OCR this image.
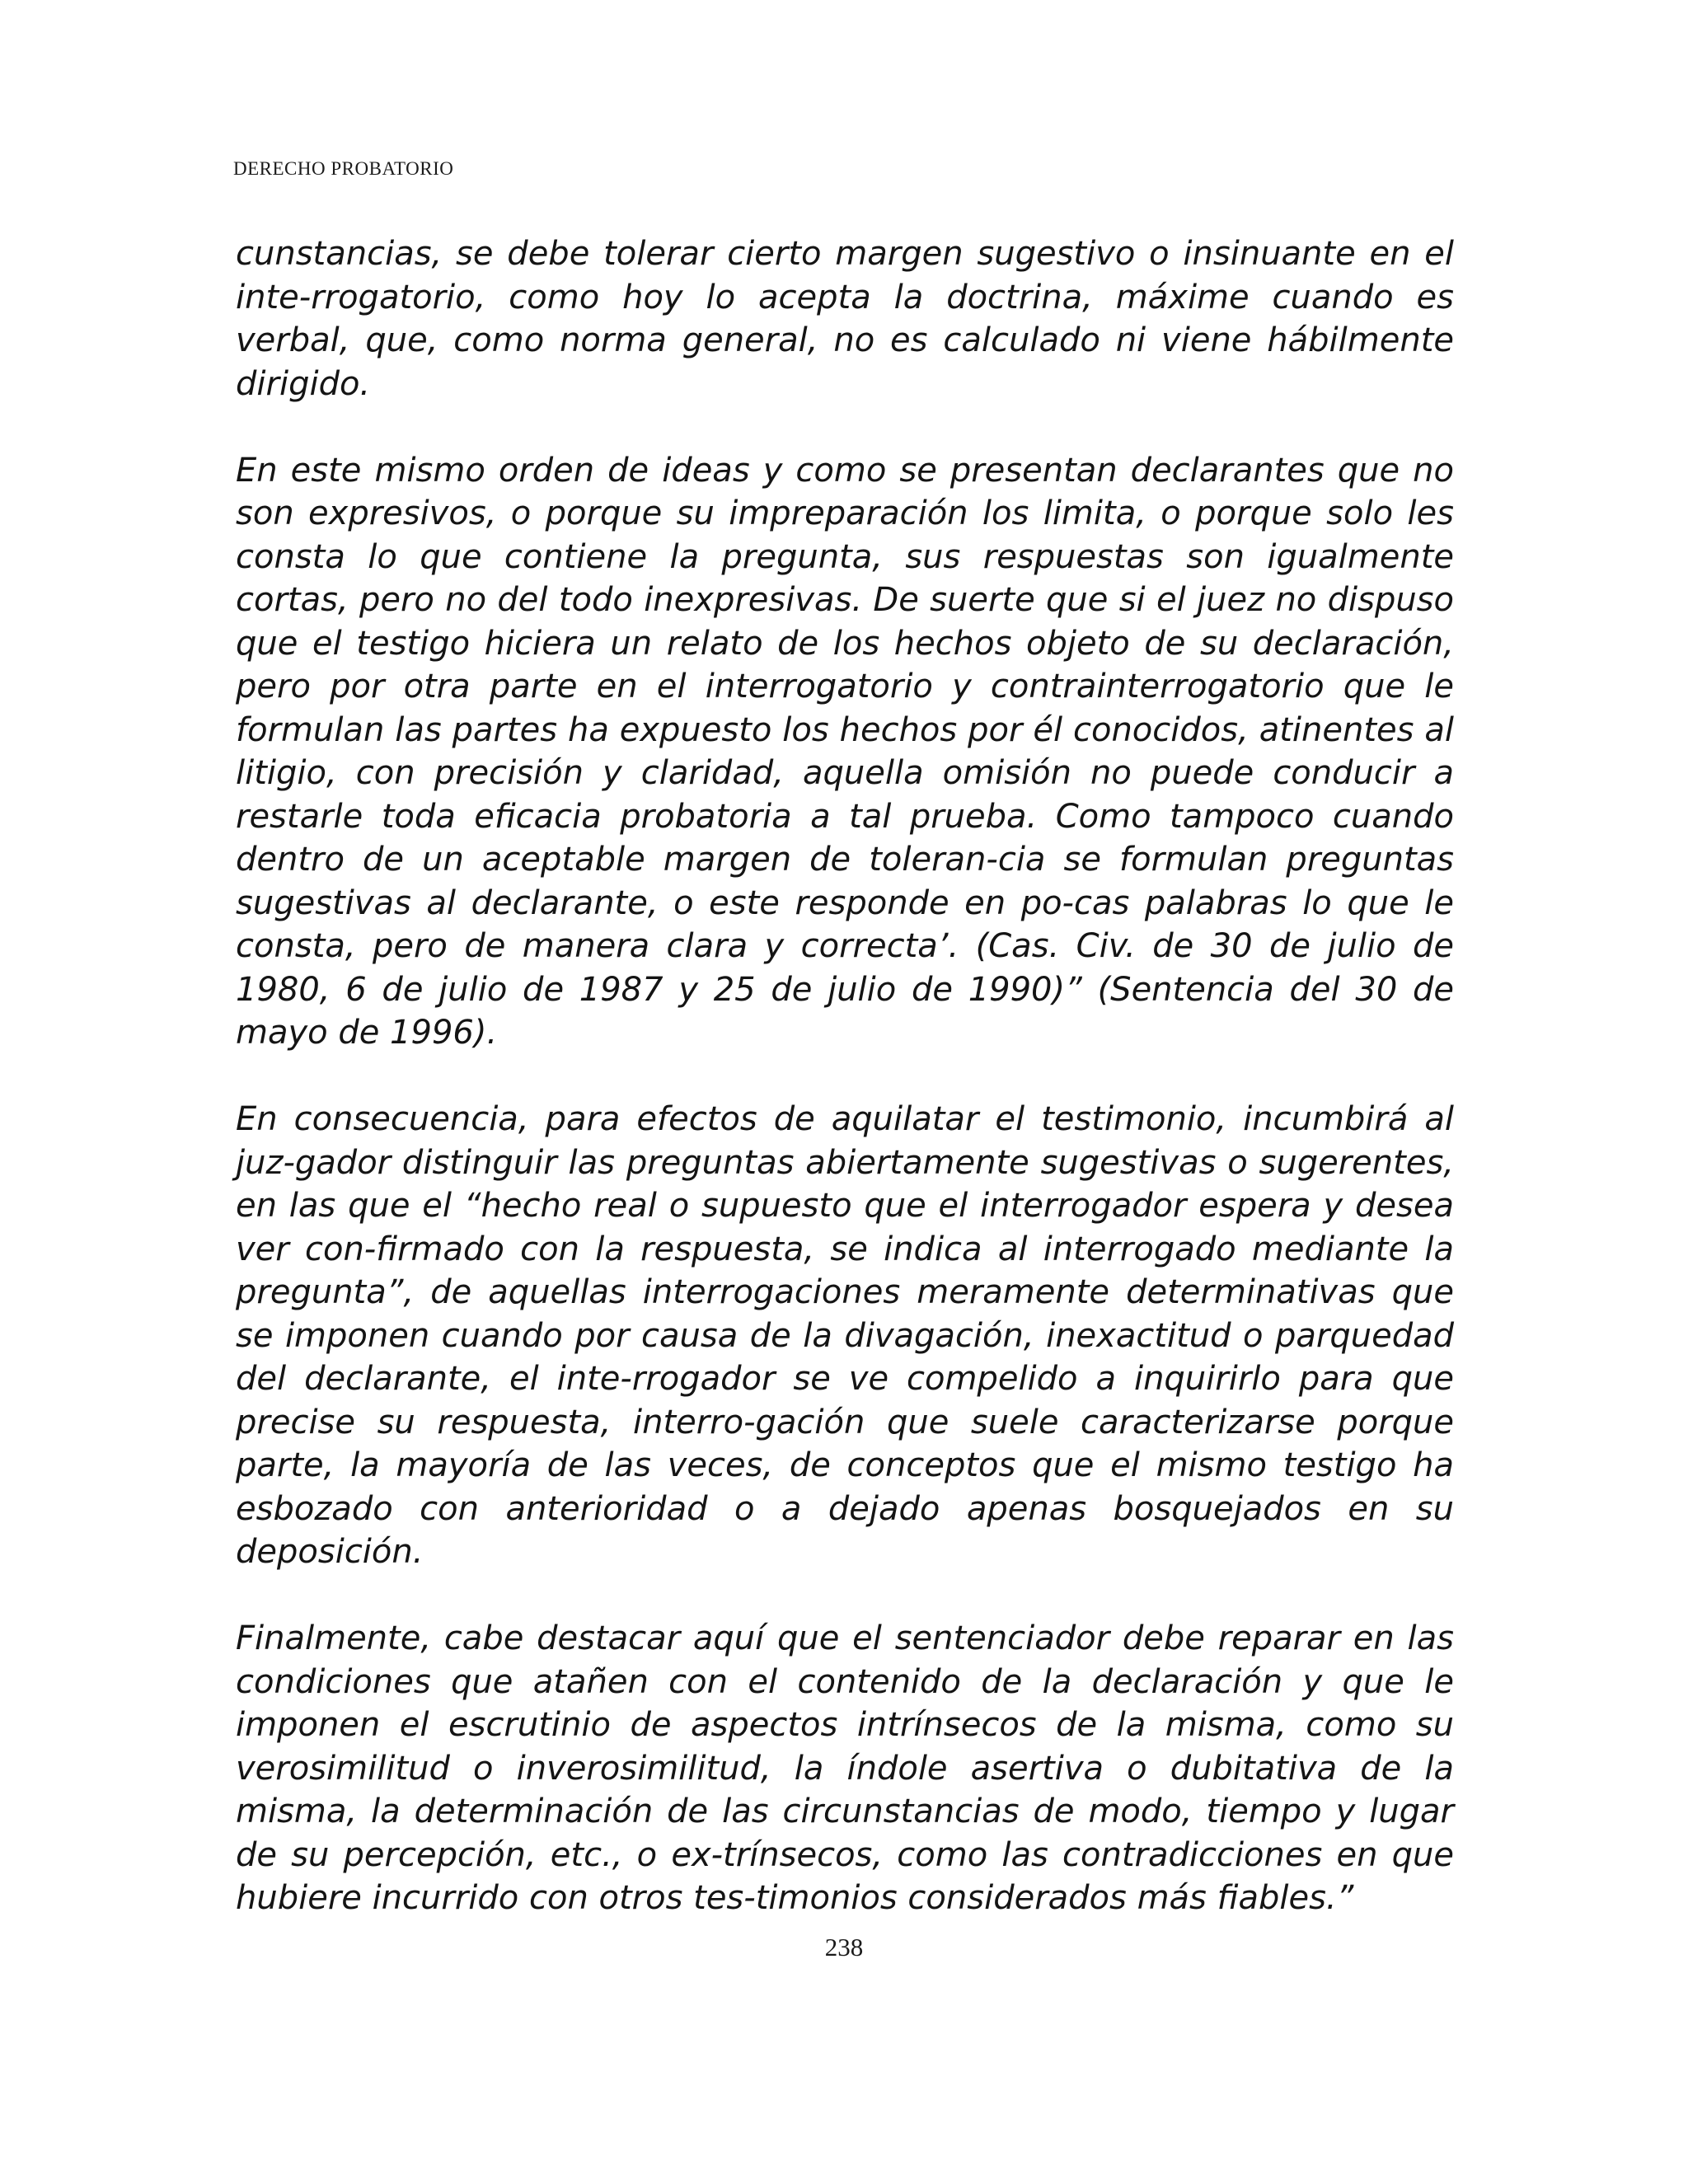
DERECHO PROBATORIO

cunstancias, se debe tolerar cierto margen sugestivo o insinuante en el inte-rrogatorio, como hoy lo acepta la doctrina, máxime cuando es verbal, que, como norma general, no es calculado ni viene hábilmente dirigido.

En este mismo orden de ideas y como se presentan declarantes que no son expresivos, o porque su impreparación los limita, o porque solo les consta lo que contiene la pregunta, sus respuestas son igualmente cortas, pero no del todo inexpresivas. De suerte que si el juez no dispuso que el testigo hiciera un relato de los hechos objeto de su declaración, pero por otra parte en el interrogatorio y contrainterrogatorio que le formulan las partes ha expuesto los hechos por él conocidos, atinentes al litigio, con precisión y claridad, aquella omisión no puede conducir a restarle toda eficacia probatoria a tal prueba. Como tampoco cuando dentro de un aceptable margen de toleran-cia se formulan preguntas sugestivas al declarante, o este responde en po-cas palabras lo que le consta, pero de manera clara y correcta’. (Cas. Civ. de 30 de julio de 1980, 6 de julio de 1987 y 25 de julio de 1990)” (Sentencia del 30 de mayo de 1996).

En consecuencia, para efectos de aquilatar el testimonio, incumbirá al juz-gador distinguir las preguntas abiertamente sugestivas o sugerentes, en las que el “hecho real o supuesto que el interrogador espera y desea ver con-firmado con la respuesta, se indica al interrogado mediante la pregunta”, de aquellas interrogaciones meramente determinativas que se imponen cuando por causa de la divagación, inexactitud o parquedad del declarante, el inte-rrogador se ve compelido a inquirirlo para que precise su respuesta, interro-gación que suele caracterizarse porque parte, la mayoría de las veces, de conceptos que el mismo testigo ha esbozado con anterioridad o a dejado apenas bosquejados en su deposición.

Finalmente, cabe destacar aquí que el sentenciador debe reparar en las condiciones que atañen con el contenido de la declaración y que le imponen el escrutinio de aspectos intrínsecos de la misma, como su verosimilitud o inverosimilitud, la índole asertiva o dubitativa de la misma, la determinación de las circunstancias de modo, tiempo y lugar de su percepción, etc., o ex-trínsecos, como las contradicciones en que hubiere incurrido con otros tes-timonios considerados más fiables.”

238
